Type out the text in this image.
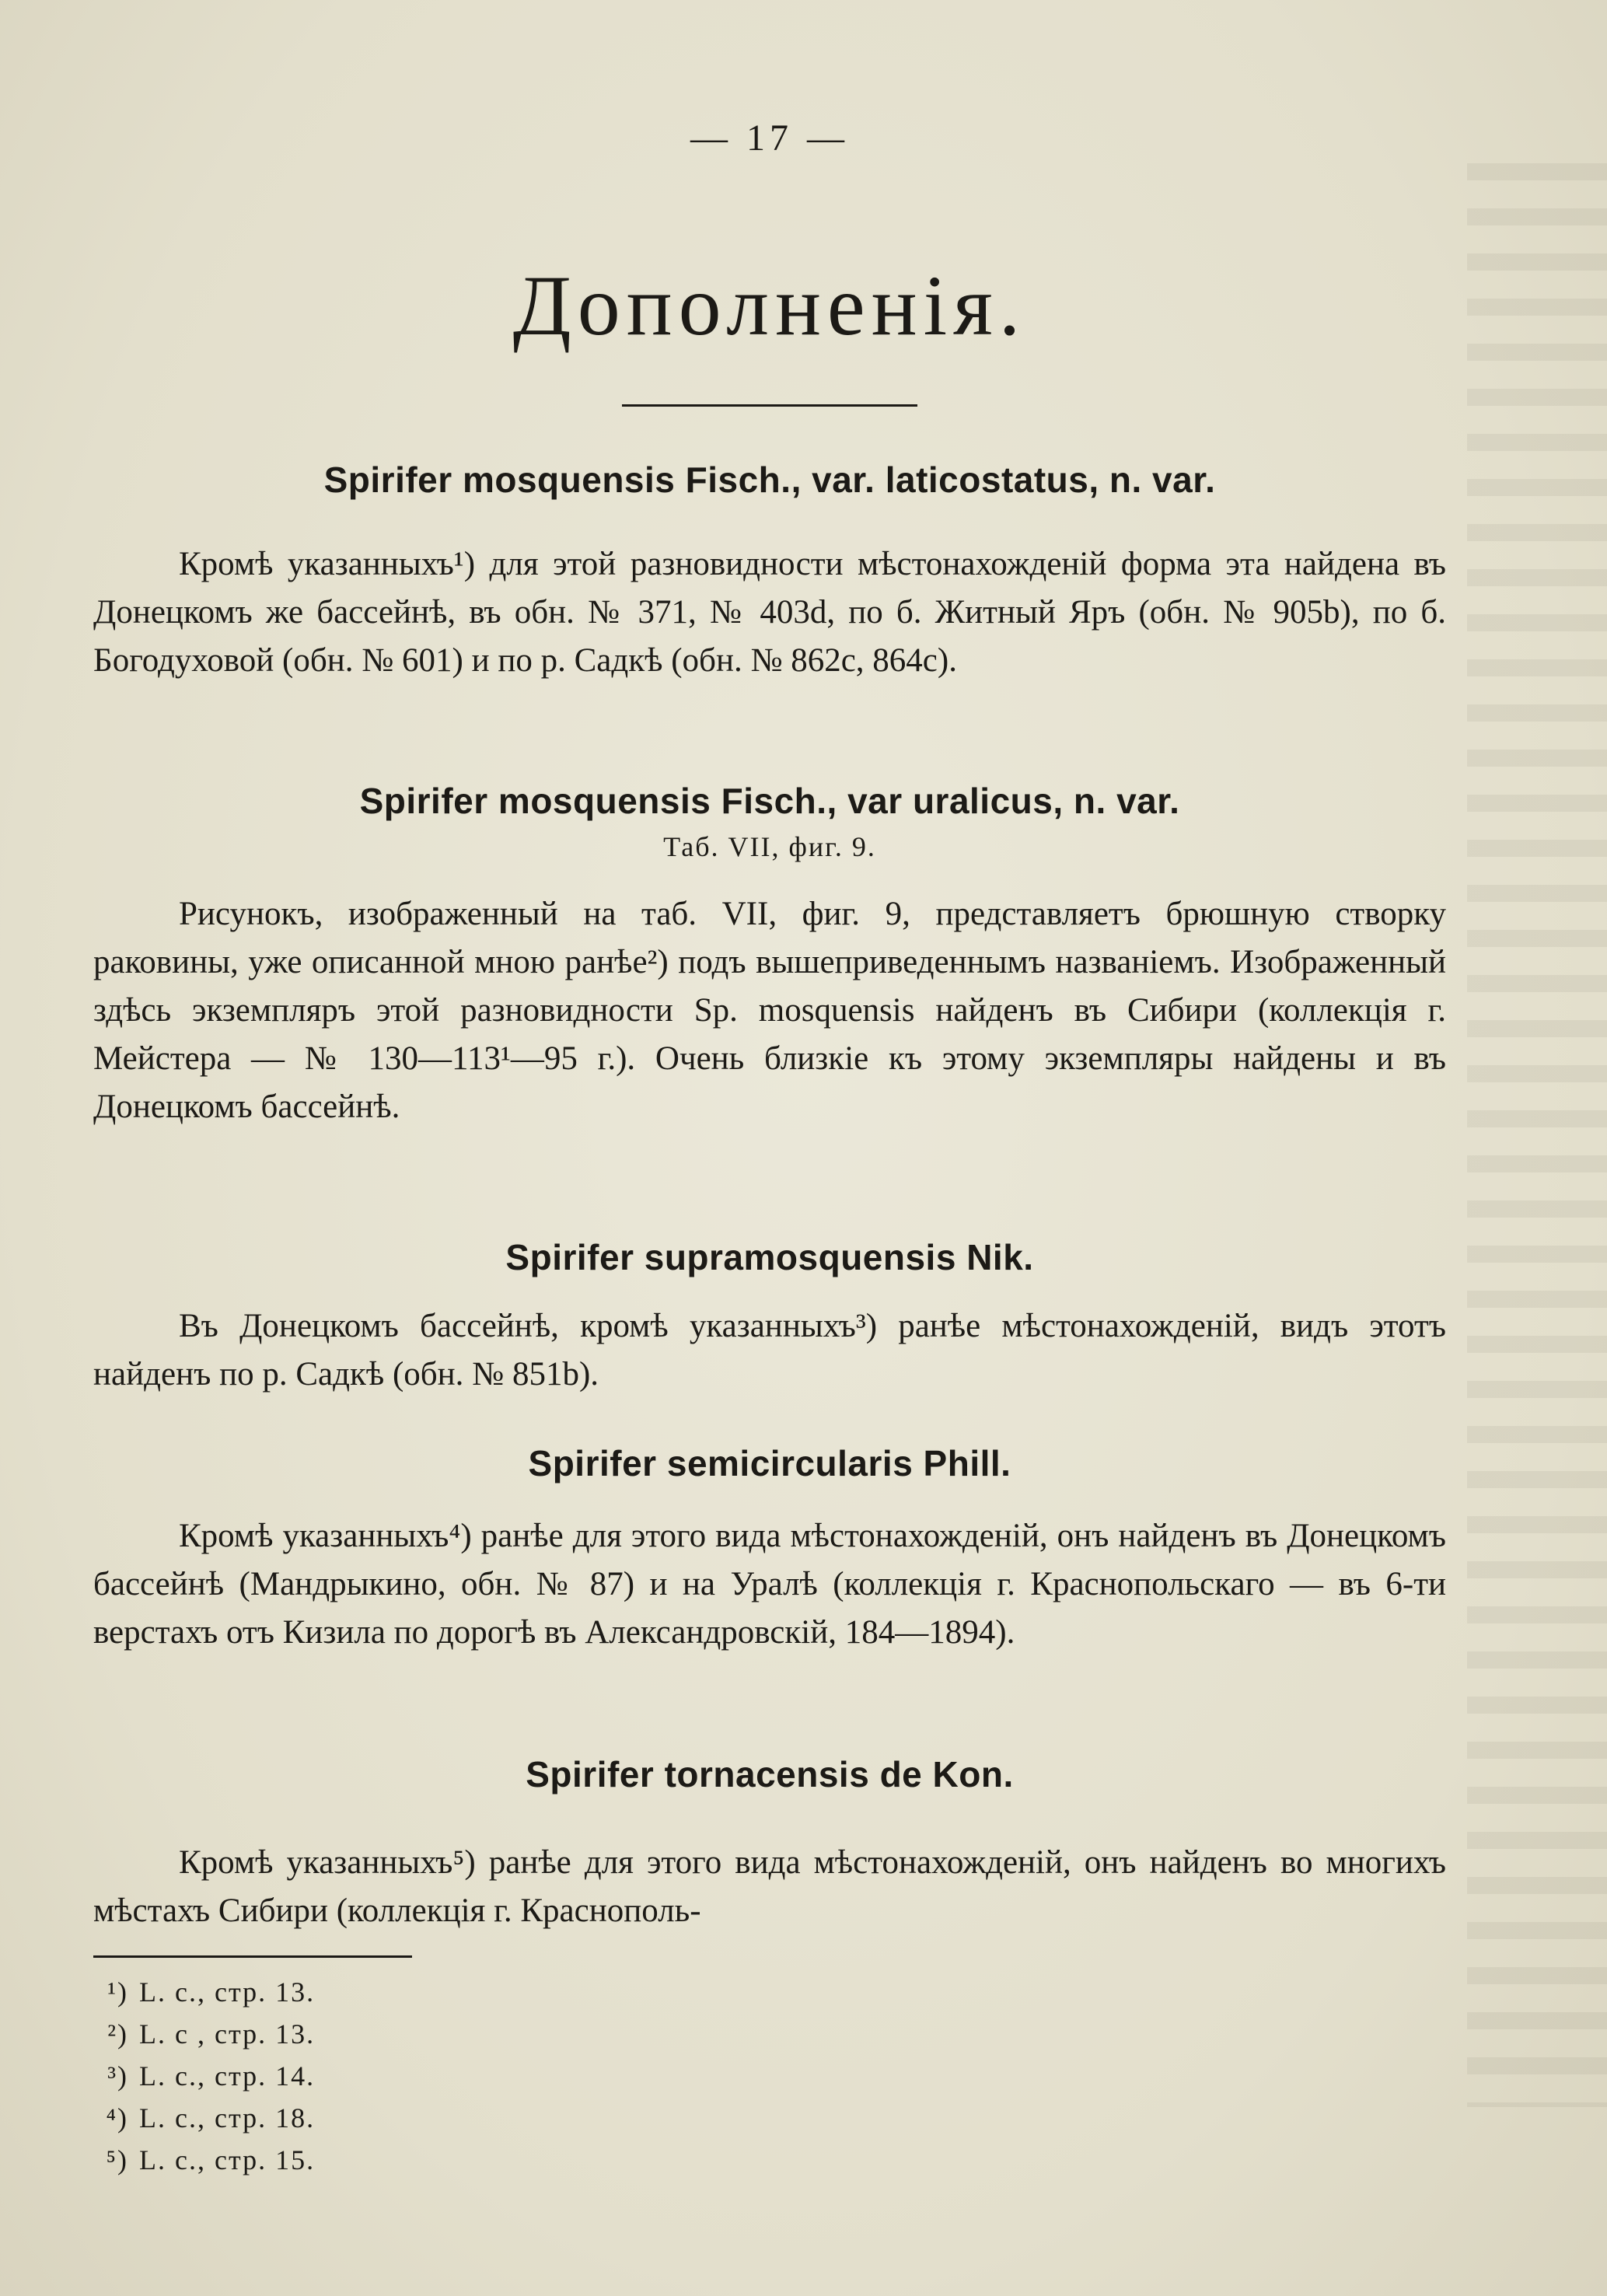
— 17 —
Дополненія.
Spirifer mosquensis Fisch., var. laticostatus, n. var.

Кромѣ указанныхъ¹) для этой разновидности мѣстонахожденій форма эта найдена въ Донецкомъ же бассейнѣ, въ обн. № 371, № 403d, по б. Житный Яръ (обн. № 905b), по б. Богодуховой (обн. № 601) и по р. Садкѣ (обн. № 862c, 864c).

Spirifer mosquensis Fisch., var uralicus, n. var.
Таб. VII, фиг. 9.

Рисунокъ, изображенный на таб. VII, фиг. 9, представляетъ брюшную створку раковины, уже описанной мною ранѣе²) подъ вышеприведеннымъ названіемъ. Изображенный здѣсь экземпляръ этой разновидности Sp. mosquensis найденъ въ Сибири (коллекція г. Мейстера — № 130—113¹—95 г.). Очень близкіе къ этому экземпляры найдены и въ Донецкомъ бассейнѣ.

Spirifer supramosquensis Nik.

Въ Донецкомъ бассейнѣ, кромѣ указанныхъ³) ранѣе мѣстонахожденій, видъ этотъ найденъ по р. Садкѣ (обн. № 851b).

Spirifer semicircularis Phill.

Кромѣ указанныхъ⁴) ранѣе для этого вида мѣстонахожденій, онъ найденъ въ Донецкомъ бассейнѣ (Мандрыкино, обн. № 87) и на Уралѣ (коллекція г. Краснопольскаго — въ 6-ти верстахъ отъ Кизила по дорогѣ въ Александровскій, 184—1894).

Spirifer tornacensis de Kon.

Кромѣ указанныхъ⁵) ранѣе для этого вида мѣстонахожденій, онъ найденъ во многихъ мѣстахъ Сибири (коллекція г. Краснополь-

¹) L. c., стр. 13.
²) L. c , стр. 13.
³) L. c., стр. 14.
⁴) L. c., стр. 18.
⁵) L. c., стр. 15.
